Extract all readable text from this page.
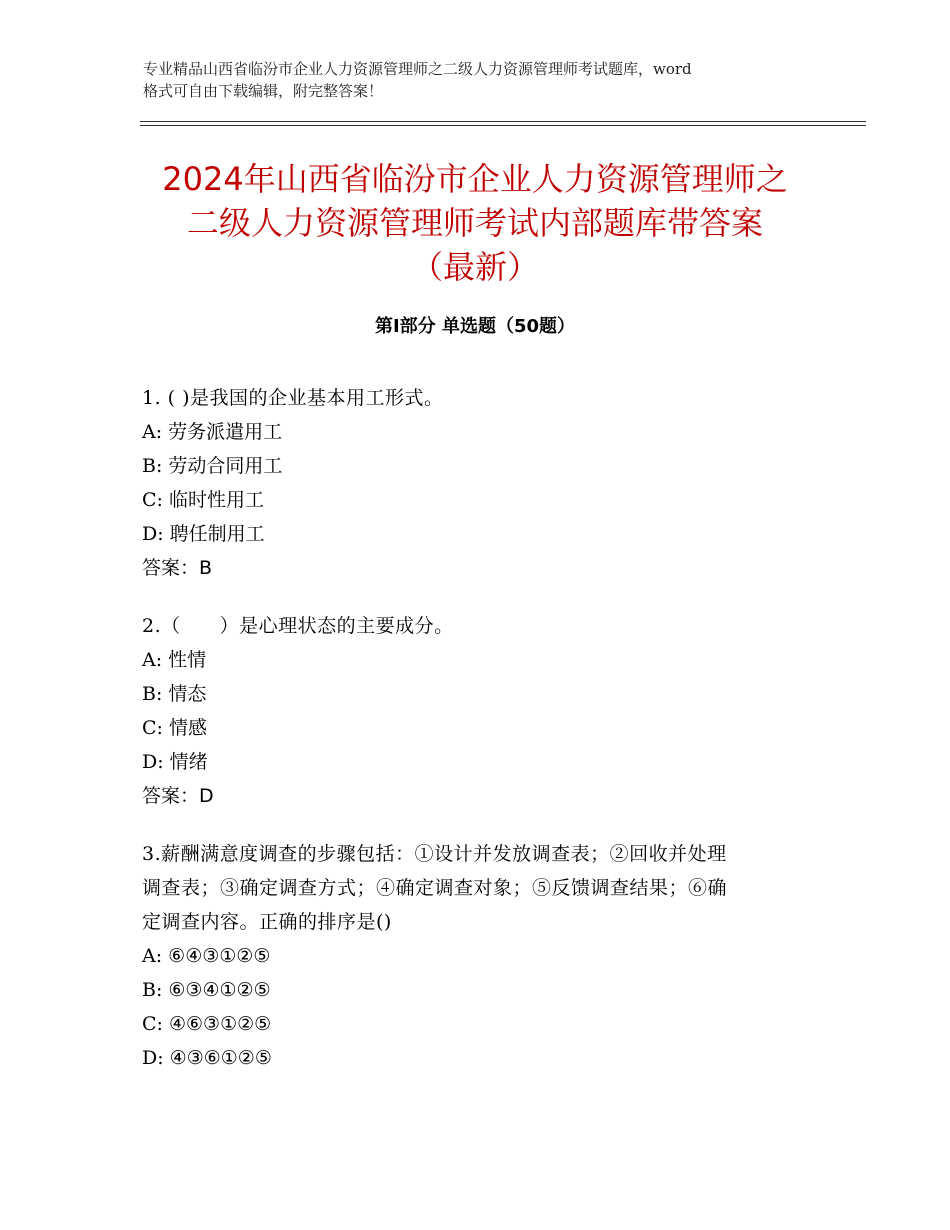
专业精品山西省临汾市企业人力资源管理师之二级人力资源管理师考试题库，word
格式可自由下载编辑，附完整答案！
2024年山西省临汾市企业人力资源管理师之
二级人力资源管理师考试内部题库带答案
（最新）
第Ⅰ部分 单选题（50题）
1. ( )是我国的企业基本用工形式。
A: 劳务派遣用工
B: 劳动合同用工
C: 临时性用工
D: 聘任制用工
答案：B
2.（　　）是心理状态的主要成分。
A: 性情
B: 情态
C: 情感
D: 情绪
答案：D
3.薪酬满意度调查的步骤包括：①设计并发放调查表；②回收并处理
调查表；③确定调查方式；④确定调查对象；⑤反馈调查结果；⑥确
定调查内容。正确的排序是()
A: ⑥④③①②⑤
B: ⑥③④①②⑤
C: ④⑥③①②⑤
D: ④③⑥①②⑤
